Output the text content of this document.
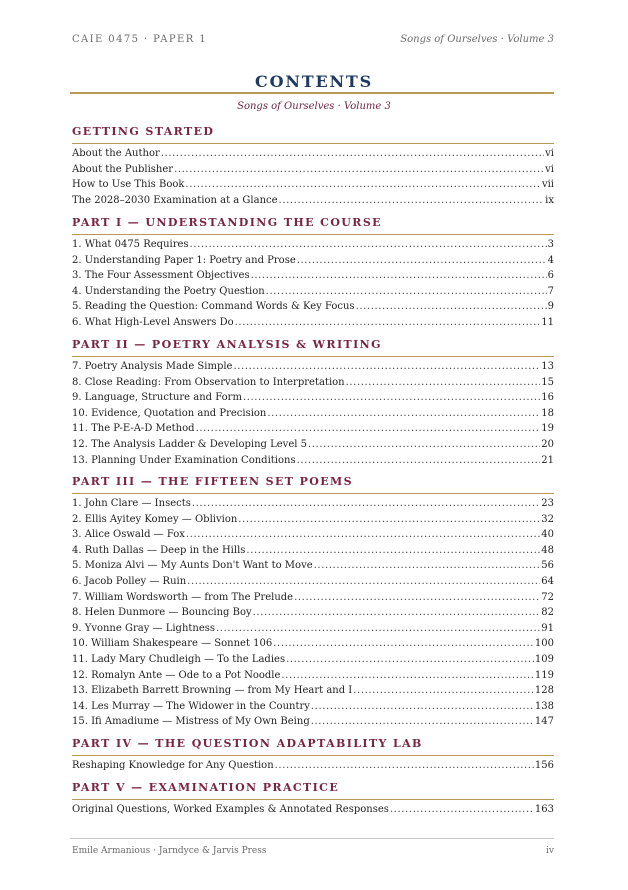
CAIE 0475 · PAPER 1	Songs of Ourselves · Volume 3
CONTENTS
Songs of Ourselves · Volume 3
GETTING STARTED
About the Author .....	vi
About the Publisher .....	vi
How to Use This Book .....	vii
The 2028–2030 Examination at a Glance .....	ix
PART I — UNDERSTANDING THE COURSE
1. What 0475 Requires .....	3
2. Understanding Paper 1: Poetry and Prose .....	4
3. The Four Assessment Objectives .....	6
4. Understanding the Poetry Question .....	7
5. Reading the Question: Command Words & Key Focus .....	9
6. What High-Level Answers Do .....	11
PART II — POETRY ANALYSIS & WRITING
7. Poetry Analysis Made Simple .....	13
8. Close Reading: From Observation to Interpretation .....	15
9. Language, Structure and Form .....	16
10. Evidence, Quotation and Precision .....	18
11. The P-E-A-D Method .....	19
12. The Analysis Ladder & Developing Level 5 .....	20
13. Planning Under Examination Conditions .....	21
PART III — THE FIFTEEN SET POEMS
1. John Clare — Insects .....	23
2. Ellis Ayitey Komey — Oblivion .....	32
3. Alice Oswald — Fox .....	40
4. Ruth Dallas — Deep in the Hills .....	48
5. Moniza Alvi — My Aunts Don't Want to Move .....	56
6. Jacob Polley — Ruin .....	64
7. William Wordsworth — from The Prelude .....	72
8. Helen Dunmore — Bouncing Boy .....	82
9. Yvonne Gray — Lightness .....	91
10. William Shakespeare — Sonnet 106 .....	100
11. Lady Mary Chudleigh — To the Ladies .....	109
12. Romalyn Ante — Ode to a Pot Noodle .....	119
13. Elizabeth Barrett Browning — from My Heart and I .....	128
14. Les Murray — The Widower in the Country .....	138
15. Ifi Amadiume — Mistress of My Own Being .....	147
PART IV — THE QUESTION ADAPTABILITY LAB
Reshaping Knowledge for Any Question .....	156
PART V — EXAMINATION PRACTICE
Original Questions, Worked Examples & Annotated Responses .....	163
Emile Armanious · Jarndyce & Jarvis Press	iv
